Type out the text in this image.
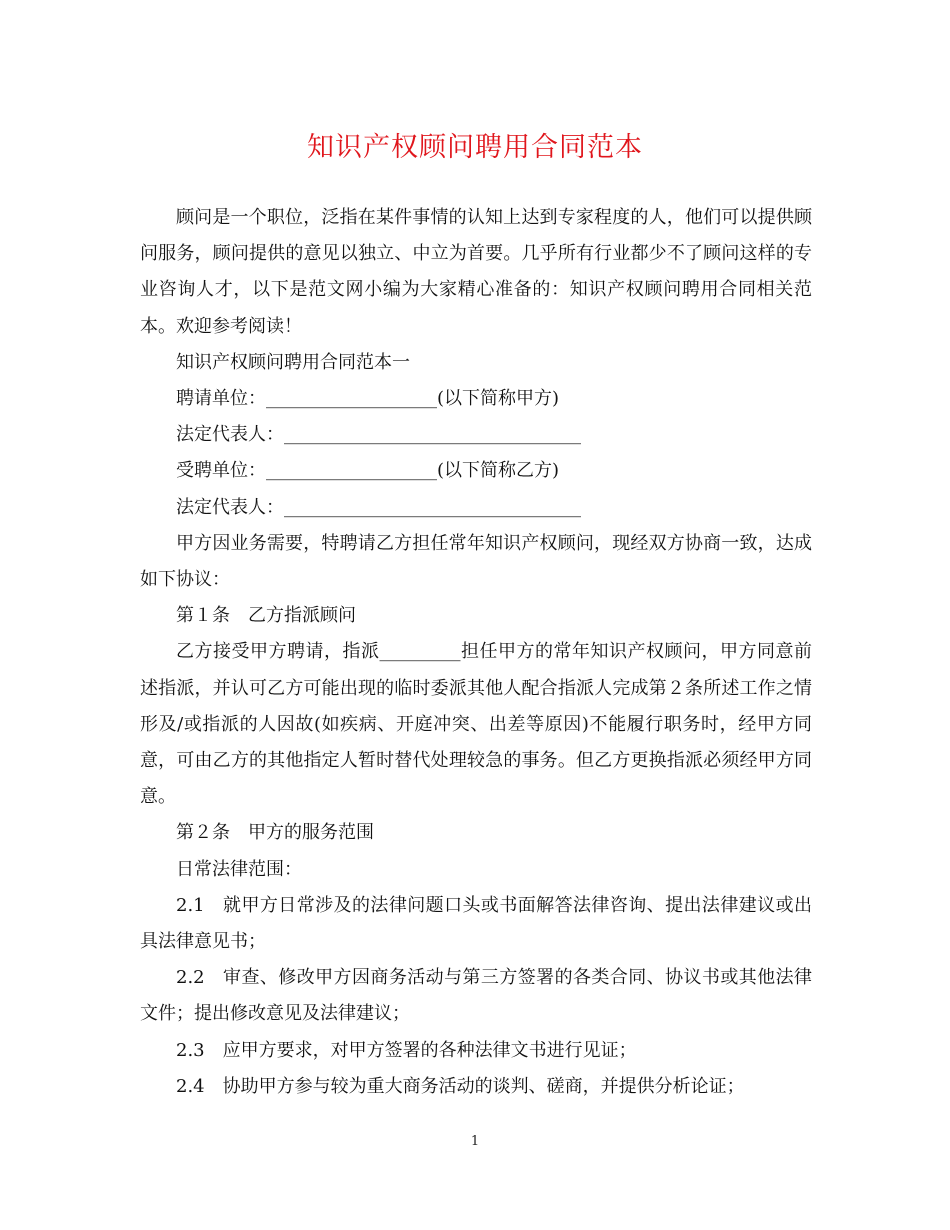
知识产权顾问聘用合同范本

顾问是一个职位，泛指在某件事情的认知上达到专家程度的人，他们可以提供顾问服务，顾问提供的意见以独立、中立为首要。几乎所有行业都少不了顾问这样的专业咨询人才，以下是范文网小编为大家精心准备的：知识产权顾问聘用合同相关范本。欢迎参考阅读！

知识产权顾问聘用合同范本一

聘请单位：___________________(以下简称甲方)

法定代表人：_________________________________

受聘单位：___________________(以下简称乙方)

法定代表人：_________________________________

甲方因业务需要，特聘请乙方担任常年知识产权顾问，现经双方协商一致，达成如下协议：

第１条 乙方指派顾问

乙方接受甲方聘请，指派_________担任甲方的常年知识产权顾问，甲方同意前述指派，并认可乙方可能出现的临时委派其他人配合指派人完成第２条所述工作之情形及/或指派的人因故(如疾病、开庭冲突、出差等原因)不能履行职务时，经甲方同意，可由乙方的其他指定人暂时替代处理较急的事务。但乙方更换指派必须经甲方同意。

第２条 甲方的服务范围

日常法律范围：

2.1 就甲方日常涉及的法律问题口头或书面解答法律咨询、提出法律建议或出具法律意见书；

2.2 审查、修改甲方因商务活动与第三方签署的各类合同、协议书或其他法律文件；提出修改意见及法律建议；

2.3 应甲方要求，对甲方签署的各种法律文书进行见证；

2.4 协助甲方参与较为重大商务活动的谈判、磋商，并提供分析论证；

1
